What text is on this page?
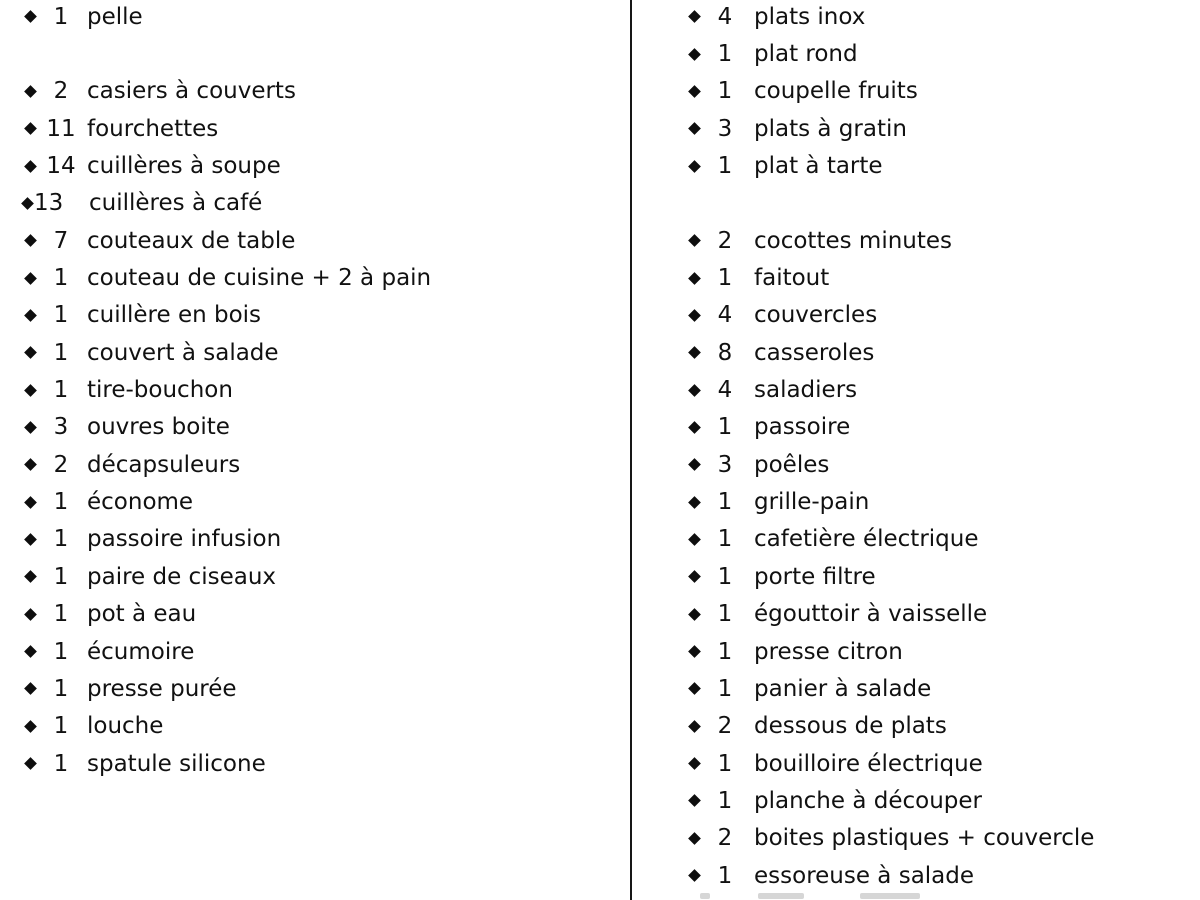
1 pelle
2 casiers à couverts
11 fourchettes
14 cuillères à soupe
13	cuillères à café
7 couteaux de table
1 couteau de cuisine + 2 à pain
1 cuillère en bois
1 couvert à salade
1 tire-bouchon
3 ouvres boite
2 décapsuleurs
1 économe
1 passoire infusion
1 paire de ciseaux
1 pot à eau
1 écumoire
1 presse purée
1 louche
1 spatule silicone
4 plats inox
1 plat rond
1 coupelle fruits
3 plats à gratin
1 plat à tarte
2 cocottes minutes
1 faitout
4 couvercles
8 casseroles
4 saladiers
1 passoire
3 poêles
1 grille-pain
1 cafetière électrique
1 porte filtre
1 égouttoir à vaisselle
1 presse citron
1 panier à salade
2 dessous de plats
1 bouilloire électrique
1 planche à découper
2 boites plastiques + couvercle
1 essoreuse à salade
